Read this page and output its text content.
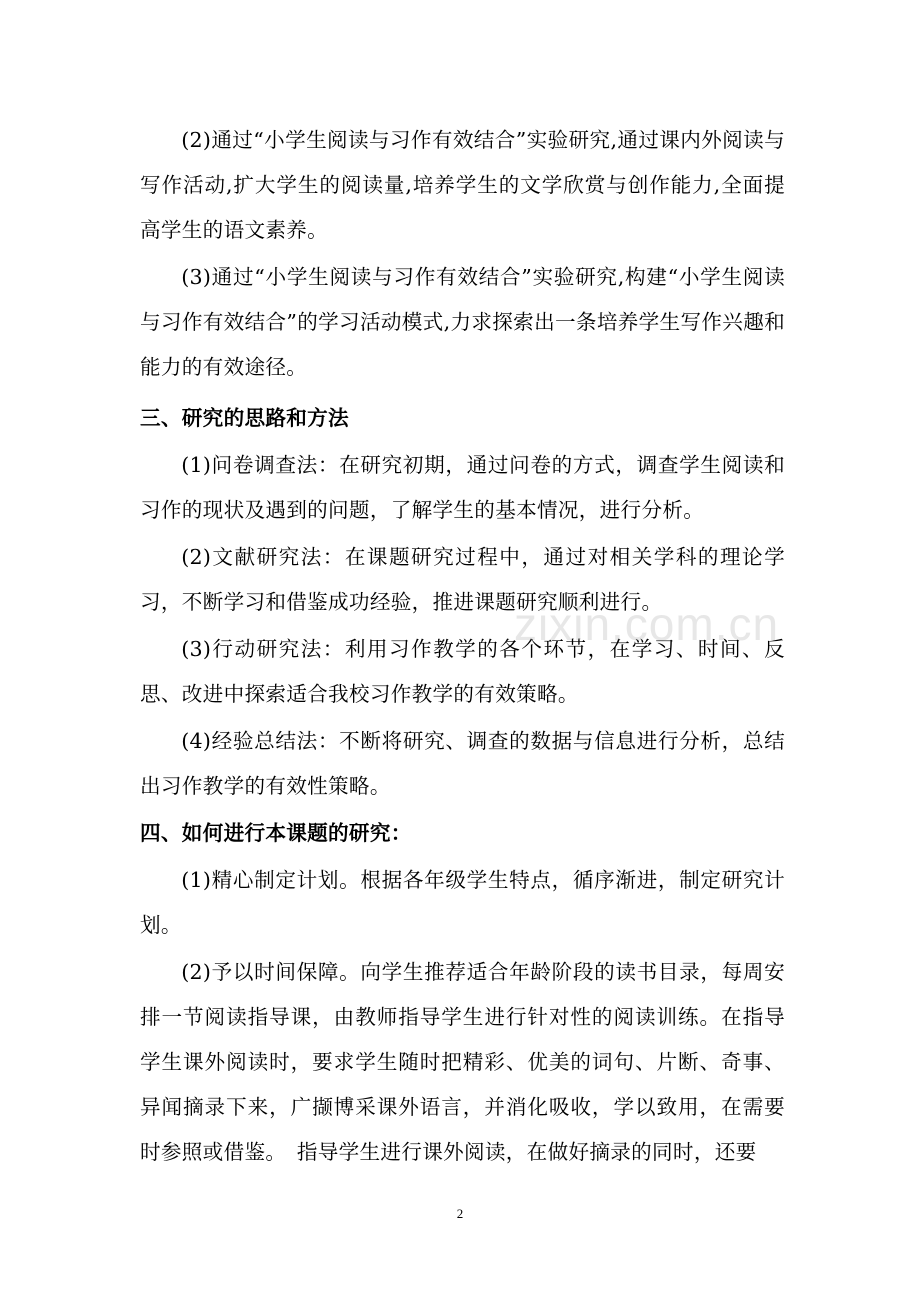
(2)通过“小学生阅读与习作有效结合”实验研究,通过课内外阅读与写作活动,扩大学生的阅读量,培养学生的文学欣赏与创作能力,全面提高学生的语文素养。

(3)通过“小学生阅读与习作有效结合”实验研究,构建“小学生阅读与习作有效结合”的学习活动模式,力求探索出一条培养学生写作兴趣和能力的有效途径。

三、研究的思路和方法

(1)问卷调查法：在研究初期，通过问卷的方式，调查学生阅读和习作的现状及遇到的问题，了解学生的基本情况，进行分析。

(2)文献研究法：在课题研究过程中，通过对相关学科的理论学习，不断学习和借鉴成功经验，推进课题研究顺利进行。

(3)行动研究法：利用习作教学的各个环节，在学习、时间、反思、改进中探索适合我校习作教学的有效策略。

(4)经验总结法：不断将研究、调查的数据与信息进行分析，总结出习作教学的有效性策略。

四、如何进行本课题的研究：

(1)精心制定计划。根据各年级学生特点，循序渐进，制定研究计划。

(2)予以时间保障。向学生推荐适合年龄阶段的读书目录，每周安排一节阅读指导课，由教师指导学生进行针对性的阅读训练。在指导学生课外阅读时，要求学生随时把精彩、优美的词句、片断、奇事、异闻摘录下来，广撷博采课外语言，并消化吸收，学以致用，在需要时参照或借鉴。　指导学生进行课外阅读，在做好摘录的同时，还要

zixin.com.cn
2
